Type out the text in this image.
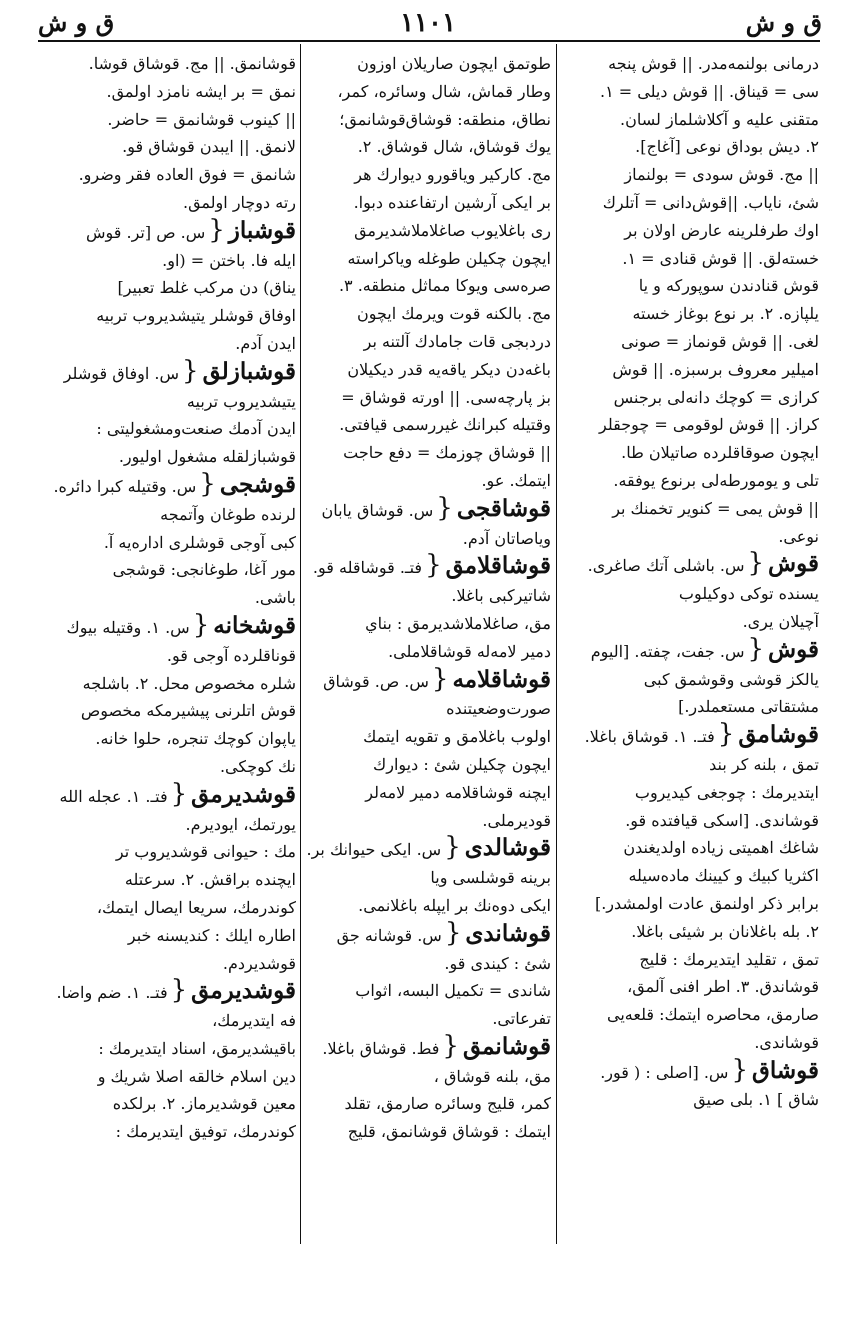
ق و ش	١١٠١	ق و ش
درمانى بولنمەمدر. || قوش پنجه‌
سى = قيناق. || قوش ديلى = ١.
متقنى عليه و آكلاشلماز لسان.
٢. ديش بوداق نوعى [آغاج].
|| مج. قوش سودى = بولنماز
شئ، ناياب. ||قوش‌دانى = آتلرك
اوك طرفلرينه عارض اولان بر
خسته‌لق. || قوش قنادى = ١.
قوش قنادندن سوپوركه و يا
يلپازه. ٢. بر نوع بوغاز خسته
لغى. || قوش قونماز = صونى
اميلير معروف برسبزه. || قوش
كرازى = كوچك دانه‌لى برجنس
كراز. || قوش لوقومى = چوجقلر
ايچون صوقاقلرده صاتيلان طا.
تلى و يومورطه‌لى برنوع يوفقه.
|| قوش يمى = كنوير تخمنك بر
نوعى.
قوش{س. باشلى آتك صاغرى.
يسنده توكى دوكيلوب
آچيلان يرى.
قوش{س. جفت، چفته. [اليوم
يالكز قوشى وقوشمق كبى
مشتقاتى مستعملدر.]
قوشامق{فتـ. ١. قوشاق باغلا.
تمق ، بلنه كر بند
ايتديرمك : چوجغى كيديروب
قوشاندى. [اسكى قيافتده قو.
شاغك اهميتى زياده اولديغندن
اكثريا كبيك و كيينك ماده‌سيله
برابر ذكر اولنمق عادت اولمشدر.]
٢. بله باغلانان بر شيئى باغلا.
تمق ، تقليد ايتديرمك : قليج
قوشاندق. ٣. اطر افنى آلمق،
صارمق، محاصره ايتمك: قلعه‌يى
قوشاندى.
قوشاق{س. [اصلى : ( قور.
شاق ] ١. بلى صيق
طوتمق ايچون صاريلان اوزون
وطار قماش، شال وسائره، كمر،
نطاق، منطقه: قوشاق‌قوشانمق؛
يوك قوشاق، شال قوشاق. ٢.
مج. كاركير وياقورو ديوارك هر
بر ايكى آرشين ارتفاعنده دبوا.
رى باغلايوب صاغلاملاشديرمق
ايچون چكيلن طوغله وياكراسته
صره‌سى ويوكا مماثل منطقه. ٣.
مج. بالكنه قوت ويرمك ايچون
دردبجى قات جامادك آلتنه بر
باغه‌دن ديكر ياقه‌يه قدر ديكيلان
بز پارچه‌سى. || اورته قوشاق =
وقتيله كبرانك غيررسمى قيافتى.
|| قوشاق چوزمك = دفع حاجت
ايتمك. عو.
قوشاقجى{س. قوشاق يابان
وياصاتان آدم.
قوشاقلامق{فتـ. قوشاقله قو.
شاتيركبى باغلا.
مق، صاغلاملاشديرمق : بناي
دمير لامه‌له قوشاقلاملى.
قوشاقلامه{س. ص. قوشاق
صورت‌وضعيتنده
اولوب باغلامق و تقويه ايتمك
ايچون چكيلن شئ : ديوارك
ايچنه قوشاقلامه دمير لامه‌لر
قوديرملى.
قوشالدى{س. ايكى حيوانك بر.
برينه قوشلسى ويا
ايكى دوه‌نك بر ايپله باغلانمى.
قوشاندى{س. قوشانه جق
شئ : كيندى قو.
شاندى = تكميل البسه، اثواب
تفرعاتى.
قوشانمق{فط. قوشاق باغلا.
مق، بلنه قوشاق ،
كمر، قليج وسائره صارمق، تقلد
ايتمك : قوشاق قوشانمق، قليج
قوشانمق. || مج. قوشاق قوشا.
نمق = بر ايشه نامزد اولمق.
|| كينوب قوشانمق = حاضر.
لانمق. || ايبدن قوشاق قو.
شانمق = فوق العاده فقر وضرو.
رته دوچار اولمق.
قوشباز{س. ص [تر. قوش
ايله فا. باختن = (او.
يناق) دن مركب غلط تعبير]
اوفاق قوشلر يتيشديروب تربيه
ايدن آدم.
قوشبازلق{س. اوفاق قوشلر
يتيشديروب تربيه
ايدن آدمك صنعت‌ومشغوليتى :
قوشبازلقله مشغول اوليور.
قوشجى{س. وقتيله كبرا دائره.
لرنده طوغان وآتمجه
كبى آوجى قوشلرى اداره‌يه ‌آ.
مور آغا، طوغانجى: قوشجى
باشى.
قوشخانه{س. ١. وقتيله بيوك
قوناقلرده آوجى قو.
شلره مخصوص محل. ٢. باشلجه
قوش اتلرنى پيشيرمكه مخصوص
ياپوان كوچك تنجره، حلوا خانه.
نك كوچكى.
قوشديرمق{فتـ. ١. عجله الله
يورتمك، ايوديرم.
مك : حيوانى قوشديروب تر
ايچنده براقش. ٢. سرعتله
كوندرمك، سريعا ايصال ايتمك،
اطاره ايلك : كنديسنه خبر
قوشديردم.
قوشديرمق{فتـ. ١. ضم واضا.
فه ايتديرمك،
باقيشديرمق، اسناد ايتديرمك :
دين اسلام خالقه اصلا شريك و
معين قوشديرماز. ٢. برلكده
كوندرمك، توفيق ايتديرمك :
